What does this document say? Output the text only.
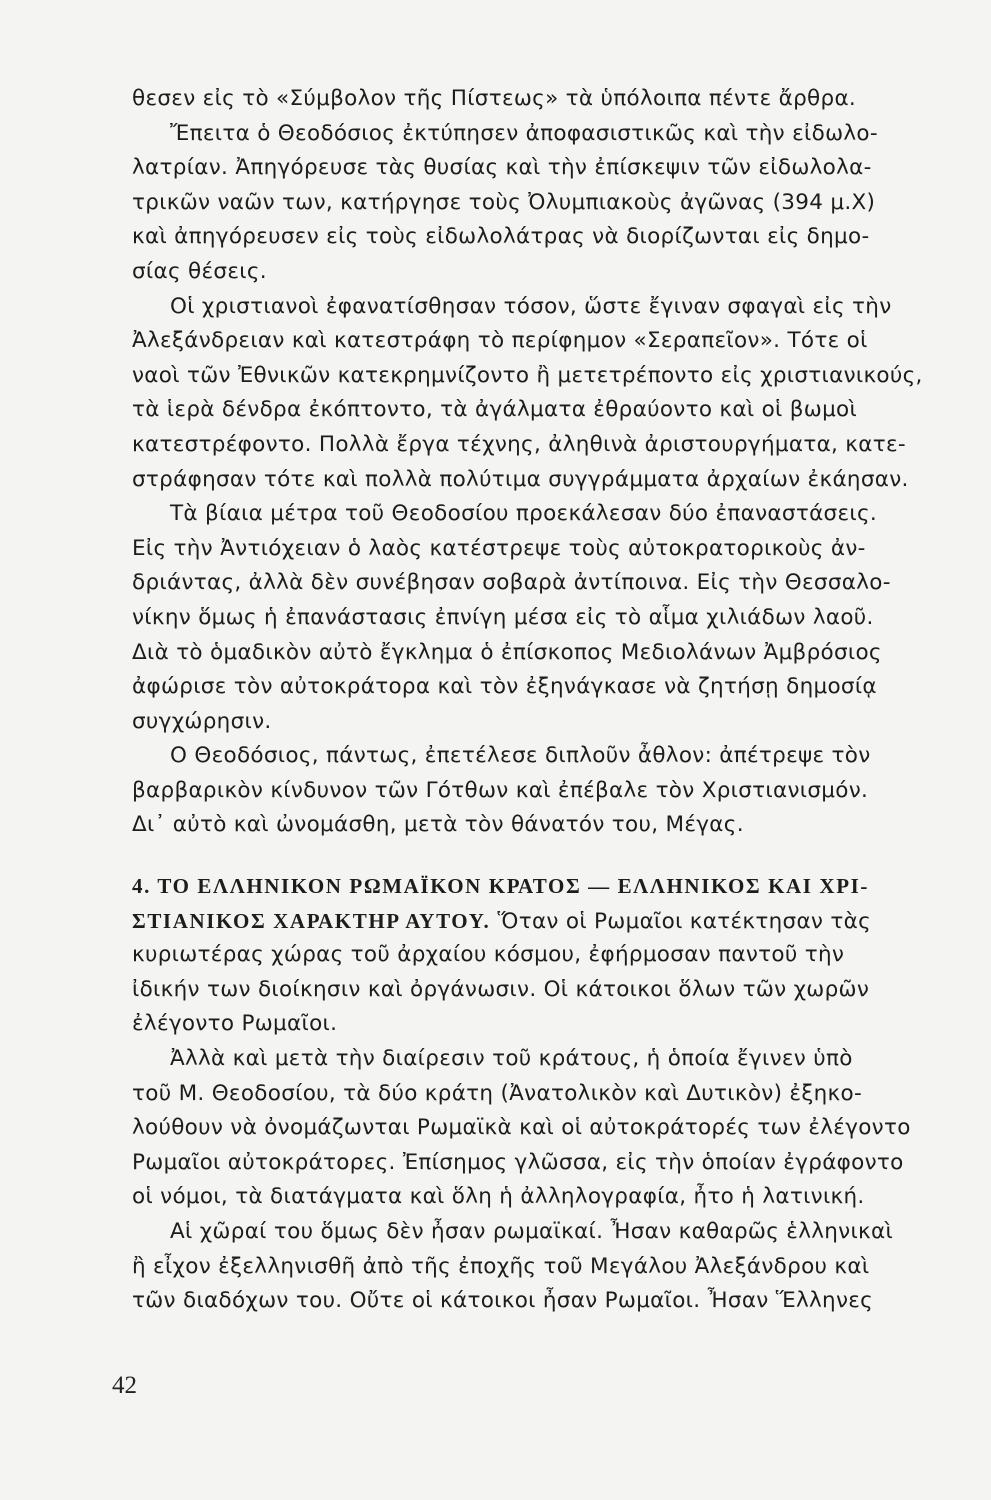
θεσεν εἰς τὸ «Σύμβολον τῆς Πίστεως» τὰ ὑπόλοιπα πέντε ἄρθρα.
Ἔπειτα ὁ Θεοδόσιος ἐκτύπησεν ἀποφασιστικῶς καὶ τὴν εἰδωλο-
λατρίαν. Ἀπηγόρευσε τὰς θυσίας καὶ τὴν ἐπίσκεψιν τῶν εἰδωλολα-
τρικῶν ναῶν των, κατήργησε τοὺς Ὀλυμπιακοὺς ἀγῶνας (394 μ.Χ)
καὶ ἀπηγόρευσεν εἰς τοὺς εἰδωλολάτρας νὰ διορίζωνται εἰς δημο-
σίας θέσεις.
Οἱ χριστιανοὶ ἐφανατίσθησαν τόσον, ὥστε ἔγιναν σφαγαὶ εἰς τὴν
Ἀλεξάνδρειαν καὶ κατεστράφη τὸ περίφημον «Σεραπεῖον». Τότε οἱ
ναοὶ τῶν Ἐθνικῶν κατεκρημνίζοντο ἢ μετετρέποντο εἰς χριστιανικούς,
τὰ ἱερὰ δένδρα ἐκόπτοντο, τὰ ἀγάλματα ἐθραύοντο καὶ οἱ βωμοὶ
κατεστρέφοντο. Πολλὰ ἔργα τέχνης, ἀληθινὰ ἀριστουργήματα, κατε-
στράφησαν τότε καὶ πολλὰ πολύτιμα συγγράμματα ἀρχαίων ἐκάησαν.
Τὰ βίαια μέτρα τοῦ Θεοδοσίου προεκάλεσαν δύο ἐπαναστάσεις.
Εἰς τὴν Ἀντιόχειαν ὁ λαὸς κατέστρεψε τοὺς αὐτοκρατορικοὺς ἀν-
δριάντας, ἀλλὰ δὲν συνέβησαν σοβαρὰ ἀντίποινα. Εἰς τὴν Θεσσαλο-
νίκην ὅμως ἡ ἐπανάστασις ἐπνίγη μέσα εἰς τὸ αἷμα χιλιάδων λαοῦ.
Διὰ τὸ ὁμαδικὸν αὐτὸ ἔγκλημα ὁ ἐπίσκοπος Μεδιολάνων Ἀμβρόσιος
ἀφώρισε τὸν αὐτοκράτορα καὶ τὸν ἐξηνάγκασε νὰ ζητήσῃ δημοσίᾳ
συγχώρησιν.
Ο Θεοδόσιος, πάντως, ἐπετέλεσε διπλοῦν ἆθλον: ἀπέτρεψε τὸν
βαρβαρικὸν κίνδυνον τῶν Γότθων καὶ ἐπέβαλε τὸν Χριστιανισμόν.
Δι᾽ αὐτὸ καὶ ὠνομάσθη, μετὰ τὸν θάνατόν του, Μέγας.
4. ΤΟ ΕΛΛΗΝΙΚΟΝ ΡΩΜΑΪΚΟΝ ΚΡΑΤΟΣ — ΕΛΛΗΝΙΚΟΣ ΚΑΙ ΧΡΙ-
ΣΤΙΑΝΙΚΟΣ ΧΑΡΑΚΤΗΡ ΑΥΤΟΥ. Ὅταν οἱ Ρωμαῖοι κατέκτησαν τὰς
κυριωτέρας χώρας τοῦ ἀρχαίου κόσμου, ἐφήρμοσαν παντοῦ τὴν
ἰδικήν των διοίκησιν καὶ ὀργάνωσιν. Οἱ κάτοικοι ὅλων τῶν χωρῶν
ἐλέγοντο Ρωμαῖοι.
Ἀλλὰ καὶ μετὰ τὴν διαίρεσιν τοῦ κράτους, ἡ ὁποία ἔγινεν ὑπὸ
τοῦ Μ. Θεοδοσίου, τὰ δύο κράτη (Ἀνατολικὸν καὶ Δυτικὸν) ἐξηκο-
λούθουν νὰ ὀνομάζωνται Ρωμαϊκὰ καὶ οἱ αὐτοκράτορές των ἐλέγοντο
Ρωμαῖοι αὐτοκράτορες. Ἐπίσημος γλῶσσα, εἰς τὴν ὁποίαν ἐγράφοντο
οἱ νόμοι, τὰ διατάγματα καὶ ὅλη ἡ ἀλληλογραφία, ἦτο ἡ λατινική.
Αἱ χῶραί του ὅμως δὲν ἦσαν ρωμαϊκαί. Ἦσαν καθαρῶς ἑλληνικαὶ
ἢ εἶχον ἐξελληνισθῆ ἀπὸ τῆς ἐποχῆς τοῦ Μεγάλου Ἀλεξάνδρου καὶ
τῶν διαδόχων του. Οὔτε οἱ κάτοικοι ἦσαν Ρωμαῖοι. Ἦσαν Ἕλληνες
42
